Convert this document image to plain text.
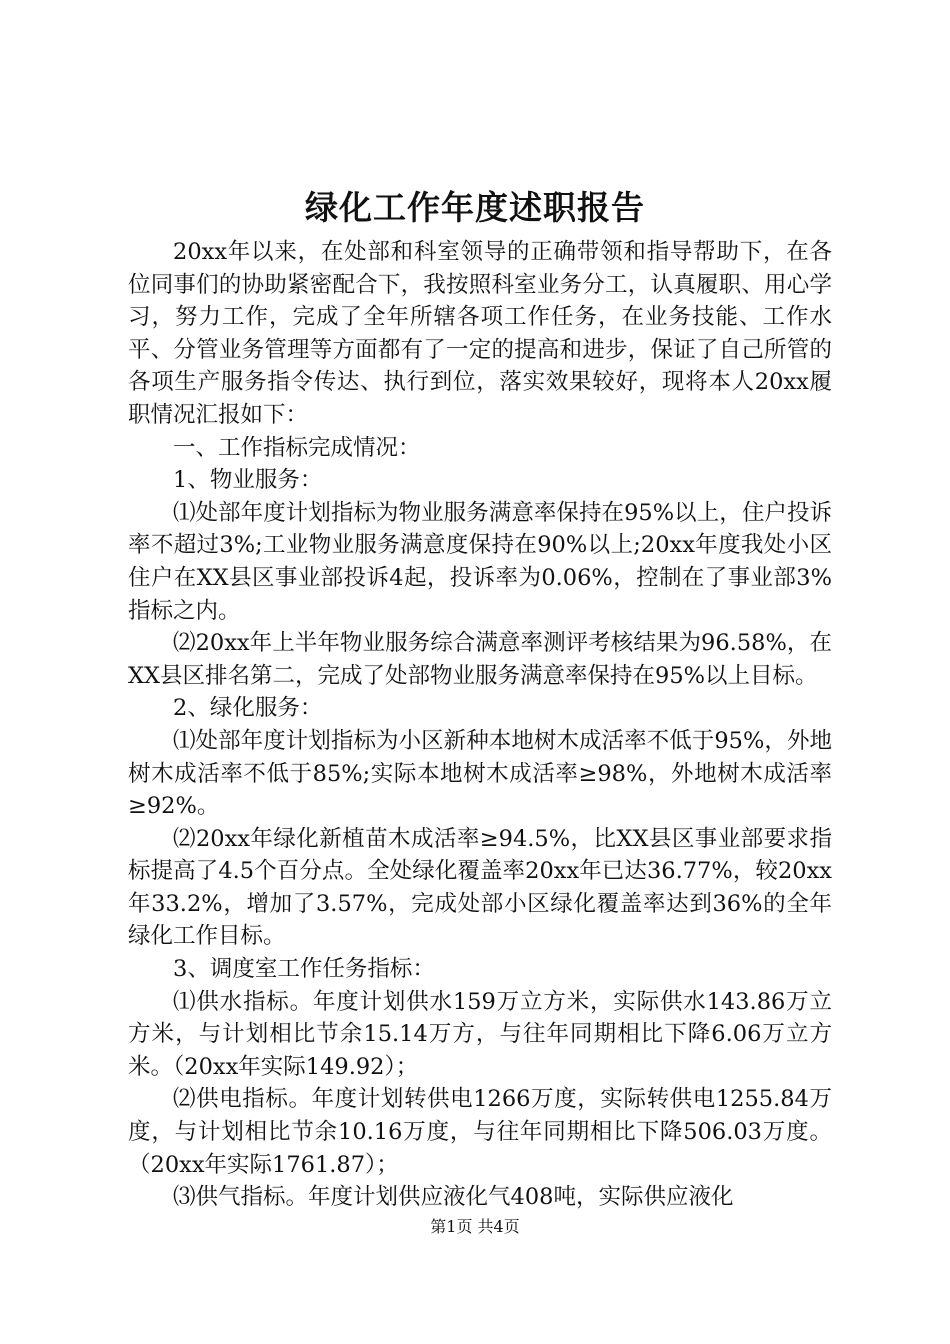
绿化工作年度述职报告

20xx年以来，在处部和科室领导的正确带领和指导帮助下，在各位同事们的协助紧密配合下，我按照科室业务分工，认真履职、用心学习，努力工作，完成了全年所辖各项工作任务，在业务技能、工作水平、分管业务管理等方面都有了一定的提高和进步，保证了自己所管的各项生产服务指令传达、执行到位，落实效果较好，现将本人20xx履职情况汇报如下：

一、工作指标完成情况：

1、物业服务：

⑴处部年度计划指标为物业服务满意率保持在95%以上，住户投诉率不超过3%;工业物业服务满意度保持在90%以上;20xx年度我处小区住户在XX县区事业部投诉4起，投诉率为0.06%，控制在了事业部3%指标之内。

⑵20xx年上半年物业服务综合满意率测评考核结果为96.58%，在XX县区排名第二，完成了处部物业服务满意率保持在95%以上目标。

2、绿化服务：

⑴处部年度计划指标为小区新种本地树木成活率不低于95%，外地树木成活率不低于85%;实际本地树木成活率≥98%，外地树木成活率≥92%。

⑵20xx年绿化新植苗木成活率≥94.5%，比XX县区事业部要求指标提高了4.5个百分点。全处绿化覆盖率20xx年已达36.77%，较20xx年33.2%，增加了3.57%，完成处部小区绿化覆盖率达到36%的全年绿化工作目标。

3、调度室工作任务指标：

⑴供水指标。年度计划供水159万立方米，实际供水143.86万立方米，与计划相比节余15.14万方，与往年同期相比下降6.06万立方米。（20xx年实际149.92）；

⑵供电指标。年度计划转供电1266万度，实际转供电1255.84万度，与计划相比节余10.16万度，与往年同期相比下降506.03万度。（20xx年实际1761.87）；

⑶供气指标。年度计划供应液化气408吨，实际供应液化

第1页 共4页
